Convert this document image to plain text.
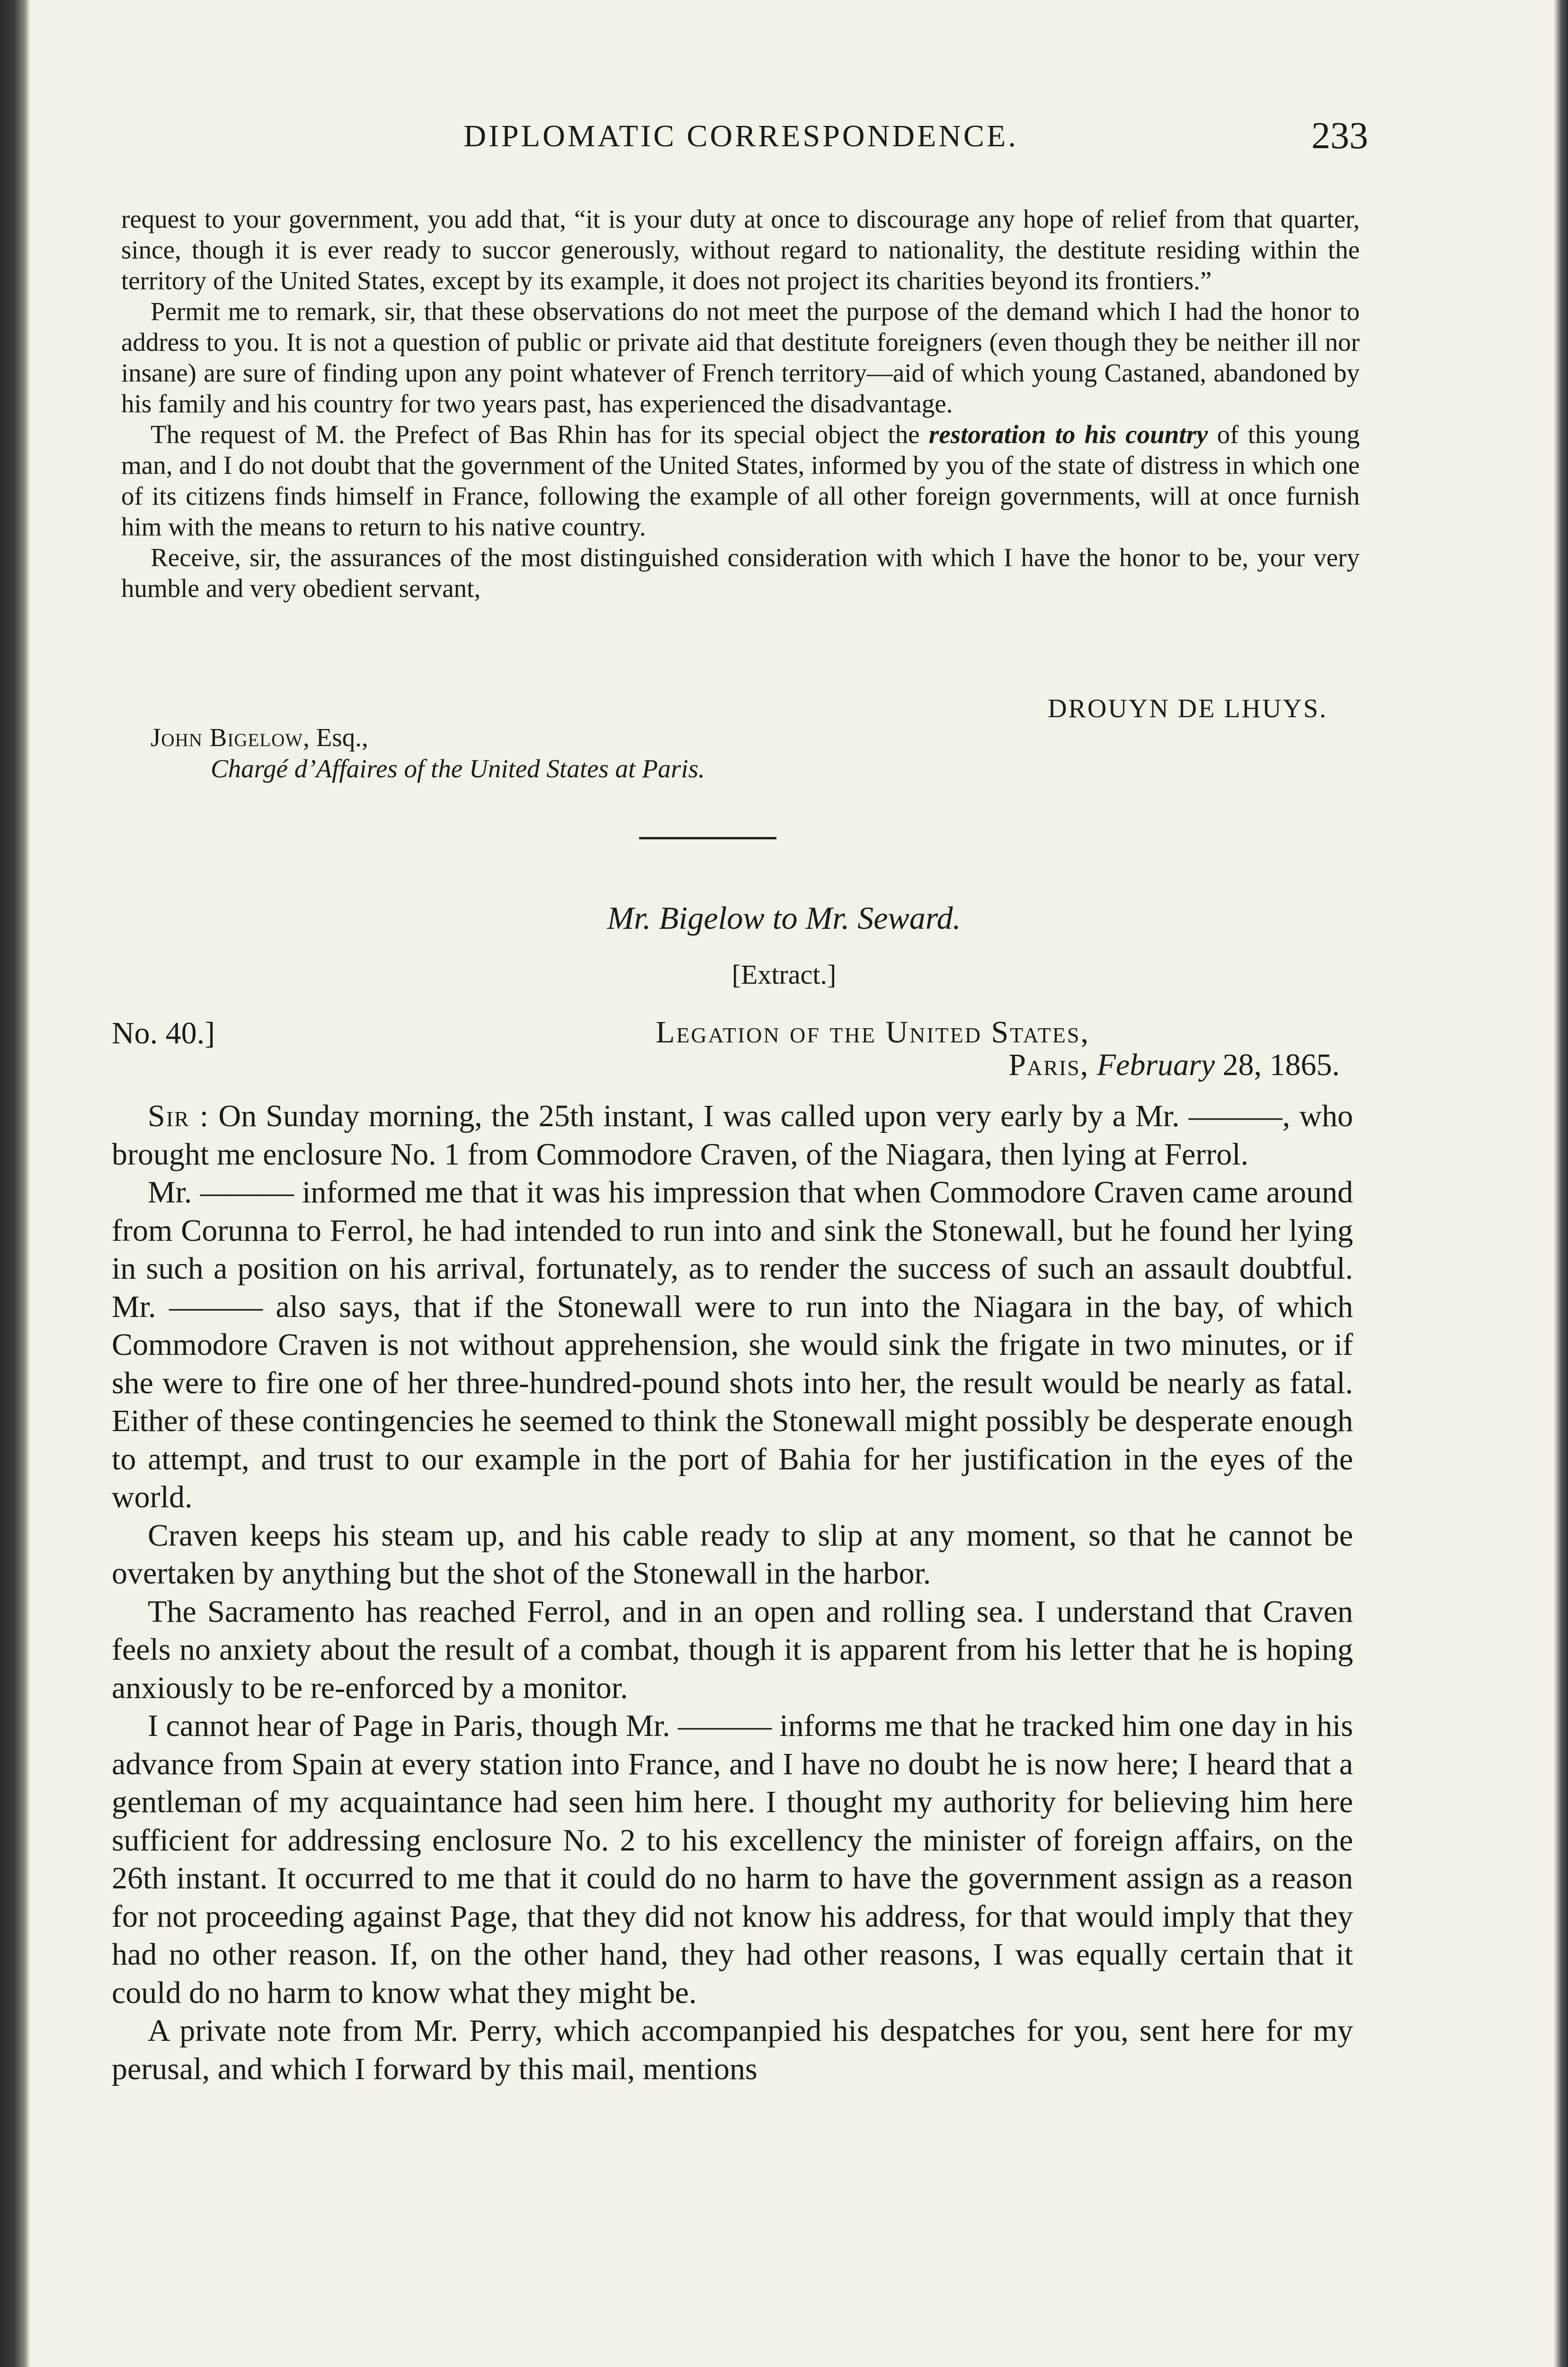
DIPLOMATIC CORRESPONDENCE.	233

request to your government, you add that, “it is your duty at once to discourage any hope of relief from that quarter, since, though it is ever ready to succor generously, without regard to nationality, the destitute residing within the territory of the United States, except by its example, it does not project its charities beyond its frontiers.”

Permit me to remark, sir, that these observations do not meet the purpose of the demand which I had the honor to address to you. It is not a question of public or private aid that destitute foreigners (even though they be neither ill nor insane) are sure of finding upon any point whatever of French territory—aid of which young Castaned, abandoned by his family and his country for two years past, has experienced the disadvantage.

The request of M. the Prefect of Bas Rhin has for its special object the restoration to his country of this young man, and I do not doubt that the government of the United States, informed by you of the state of distress in which one of its citizens finds himself in France, following the example of all other foreign governments, will at once furnish him with the means to return to his native country.

Receive, sir, the assurances of the most distinguished consideration with which I have the honor to be, your very humble and very obedient servant,

DROUYN DE LHUYS.
John Bigelow, Esq.,
Chargé d’Affaires of the United States at Paris.
Mr. Bigelow to Mr. Seward.
[Extract.]
No. 40.]	Legation of the United States,
Paris, February 28, 1865.

Sir : On Sunday morning, the 25th instant, I was called upon very early by a Mr. ———, who brought me enclosure No. 1 from Commodore Craven, of the Niagara, then lying at Ferrol.

Mr. ——— informed me that it was his impression that when Commodore Craven came around from Corunna to Ferrol, he had intended to run into and sink the Stonewall, but he found her lying in such a position on his arrival, fortunately, as to render the success of such an assault doubtful. Mr. ——— also says, that if the Stonewall were to run into the Niagara in the bay, of which Commodore Craven is not without apprehension, she would sink the frigate in two minutes, or if she were to fire one of her three-hundred-pound shots into her, the result would be nearly as fatal. Either of these contingencies he seemed to think the Stonewall might possibly be desperate enough to attempt, and trust to our example in the port of Bahia for her justification in the eyes of the world.

Craven keeps his steam up, and his cable ready to slip at any moment, so that he cannot be overtaken by anything but the shot of the Stonewall in the harbor.

The Sacramento has reached Ferrol, and in an open and rolling sea. I understand that Craven feels no anxiety about the result of a combat, though it is apparent from his letter that he is hoping anxiously to be re-enforced by a monitor.

I cannot hear of Page in Paris, though Mr. ——— informs me that he tracked him one day in his advance from Spain at every station into France, and I have no doubt he is now here; I heard that a gentleman of my acquaintance had seen him here. I thought my authority for believing him here sufficient for addressing enclosure No. 2 to his excellency the minister of foreign affairs, on the 26th instant. It occurred to me that it could do no harm to have the government assign as a reason for not proceeding against Page, that they did not know his address, for that would imply that they had no other reason. If, on the other hand, they had other reasons, I was equally certain that it could do no harm to know what they might be.

A private note from Mr. Perry, which accompanpied his despatches for you, sent here for my perusal, and which I forward by this mail, mentions
